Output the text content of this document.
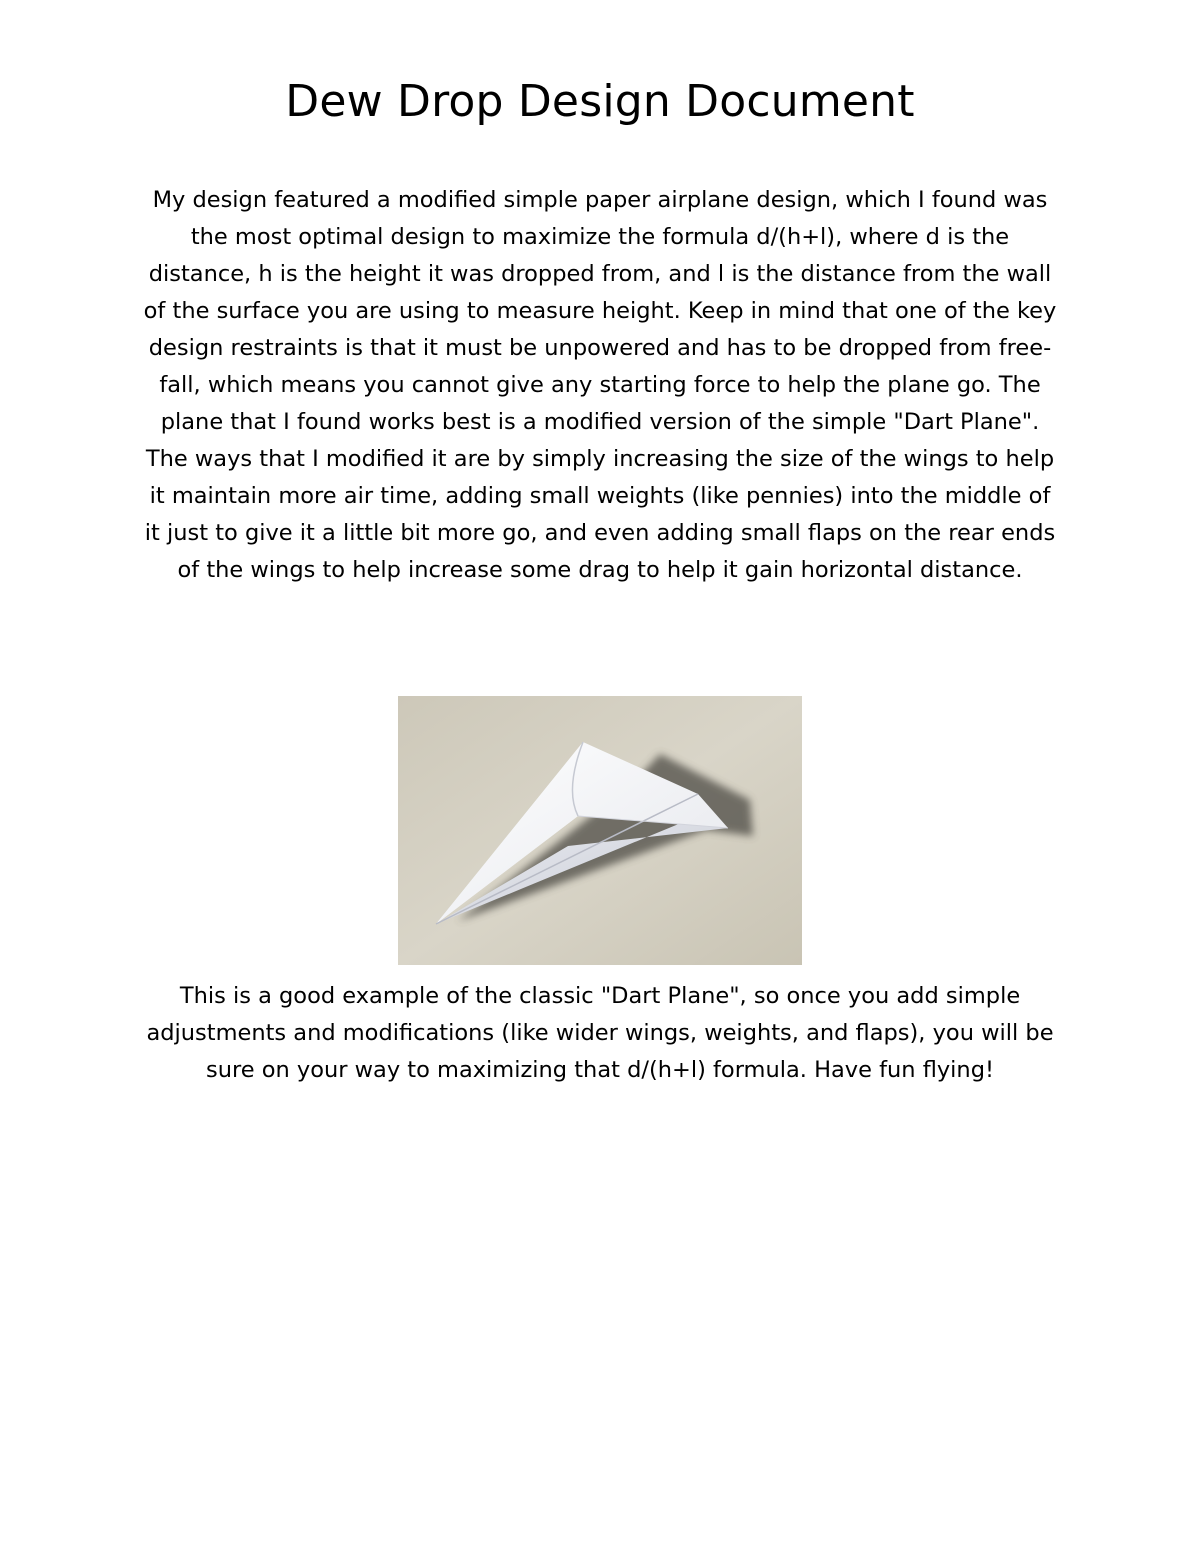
Dew Drop Design Document

My design featured a modified simple paper airplane design, which I found was the most optimal design to maximize the formula d/(h+l), where d is the distance, h is the height it was dropped from, and l is the distance from the wall of the surface you are using to measure height. Keep in mind that one of the key design restraints is that it must be unpowered and has to be dropped from free-fall, which means you cannot give any starting force to help the plane go. The plane that I found works best is a modified version of the simple "Dart Plane". The ways that I modified it are by simply increasing the size of the wings to help it maintain more air time, adding small weights (like pennies) into the middle of it just to give it a little bit more go, and even adding small flaps on the rear ends of the wings to help increase some drag to help it gain horizontal distance.

This is a good example of the classic "Dart Plane", so once you add simple adjustments and modifications (like wider wings, weights, and flaps), you will be sure on your way to maximizing that d/(h+l) formula. Have fun flying!
